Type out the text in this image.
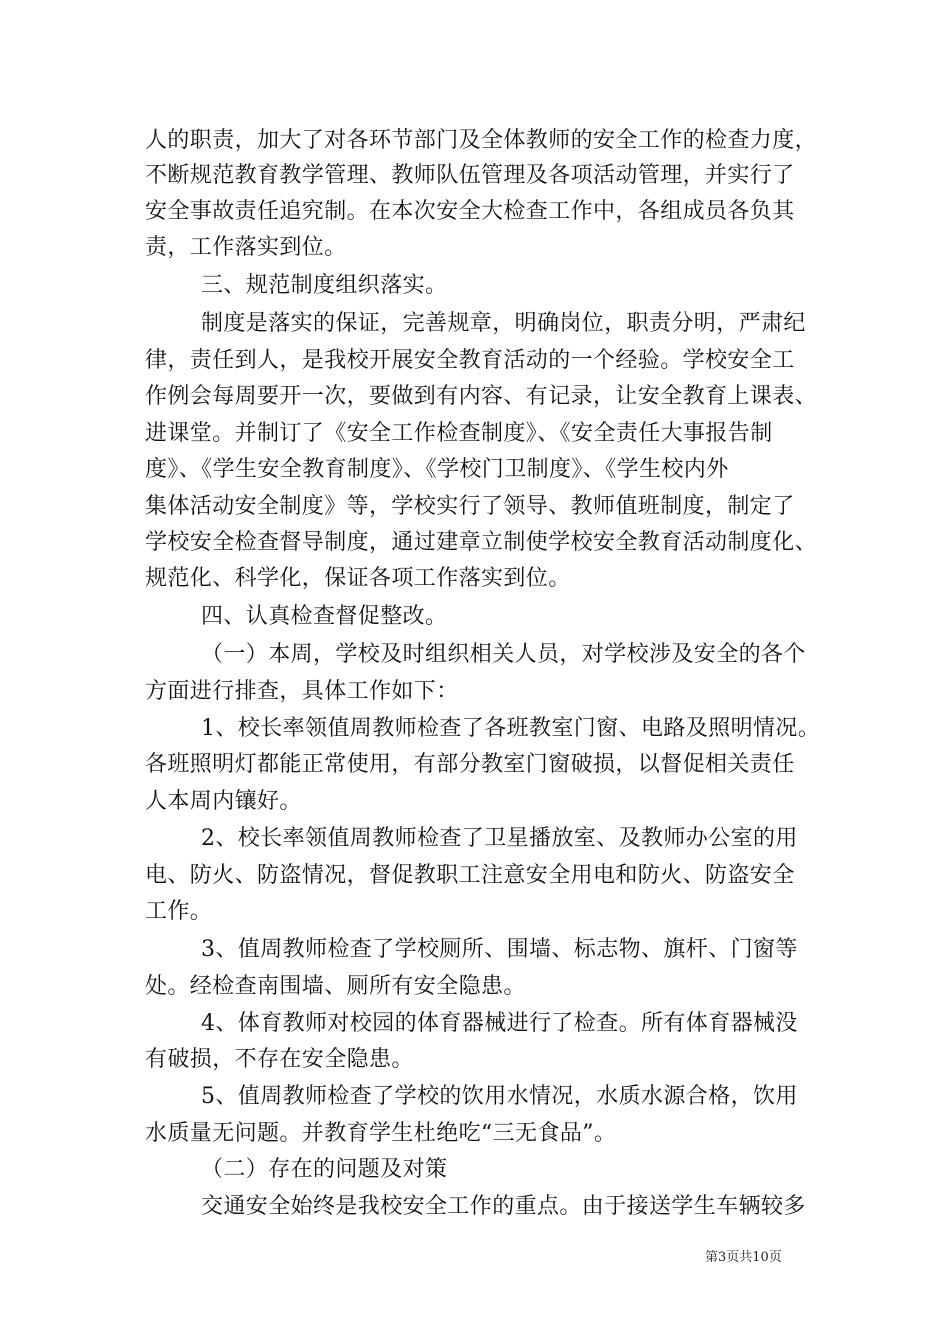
人的职责，加大了对各环节部门及全体教师的安全工作的检查力度，
不断规范教育教学管理、教师队伍管理及各项活动管理，并实行了
安全事故责任追究制。在本次安全大检查工作中，各组成员各负其
责，工作落实到位。
三、规范制度组织落实。
制度是落实的保证，完善规章，明确岗位，职责分明，严肃纪
律，责任到人，是我校开展安全教育活动的一个经验。学校安全工
作例会每周要开一次，要做到有内容、有记录，让安全教育上课表、
进课堂。并制订了《安全工作检查制度》、《安全责任大事报告制
度》、《学生安全教育制度》、《学校门卫制度》、《学生校内外
集体活动安全制度》等，学校实行了领导、教师值班制度，制定了
学校安全检查督导制度，通过建章立制使学校安全教育活动制度化、
规范化、科学化，保证各项工作落实到位。
四、认真检查督促整改。
（一）本周，学校及时组织相关人员，对学校涉及安全的各个
方面进行排查，具体工作如下：
1、校长率领值周教师检查了各班教室门窗、电路及照明情况。
各班照明灯都能正常使用，有部分教室门窗破损，以督促相关责任
人本周内镶好。
2、校长率领值周教师检查了卫星播放室、及教师办公室的用
电、防火、防盗情况，督促教职工注意安全用电和防火、防盗安全
工作。
3、值周教师检查了学校厕所、围墙、标志物、旗杆、门窗等
处。经检查南围墙、厕所有安全隐患。
4、体育教师对校园的体育器械进行了检查。所有体育器械没
有破损，不存在安全隐患。
5、值周教师检查了学校的饮用水情况，水质水源合格，饮用
水质量无问题。并教育学生杜绝吃“三无食品”。
（二）存在的问题及对策
交通安全始终是我校安全工作的重点。由于接送学生车辆较多
第3页共10页
